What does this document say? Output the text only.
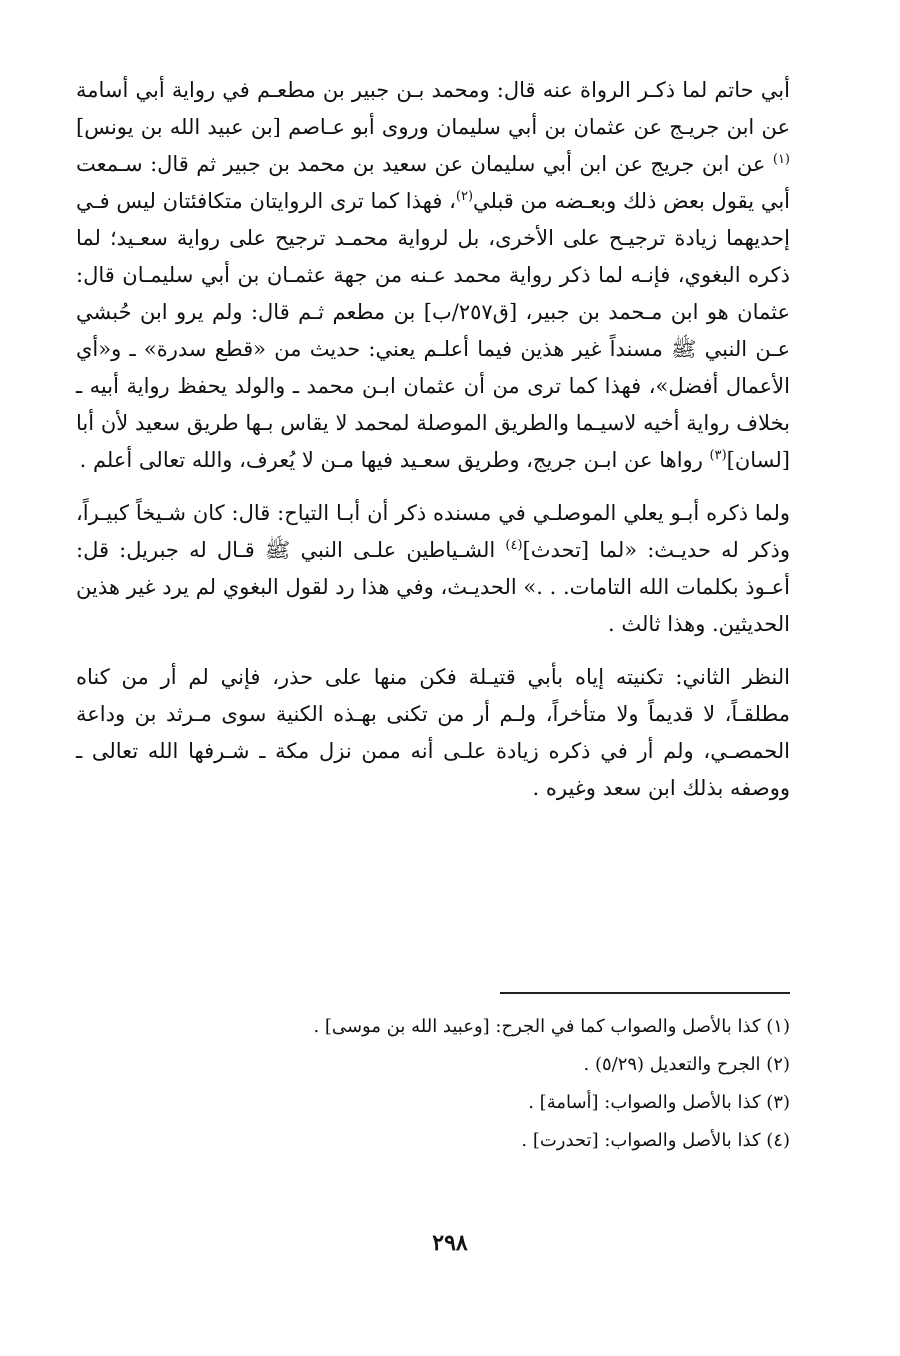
أبي حاتم لما ذكـر الرواة عنه قال: ومحمد بـن جبير بن مطعـم في رواية أبي أسامة عن ابن جريـج عن عثمان بن أبي سليمان وروى أبو عـاصم [بن عبيد الله بن يونس]$^{(١)}$ عن ابن جريج عن ابن أبي سليمان عن سعيد بن محمد بن جبير ثم قال: سـمعت أبي يقول بعض ذلك وبعـضه من قبلي$^{(٢)}$، فهذا كما ترى الروايتان متكافئتان ليس فـي إحديهما زيادة ترجيـح على الأخرى، بل لرواية محمـد ترجيح على رواية سعـيد؛ لما ذكره البغوي، فإنـه لما ذكر رواية محمد عـنه من جهة عثمـان بن أبي سليمـان قال: عثمان هو ابن مـحمد بن جبير، [ق٢٥٧/ب] بن مطعم ثـم قال: ولم يرو ابن حُبشي عـن النبي ﷺ مسنداً غير هذين فيما أعلـم يعني: حديث من «قطع سدرة» ـ و«أي الأعمال أفضل»، فهذا كما ترى من أن عثمان ابـن محمد ـ والولد يحفظ رواية أبيه ـ بخلاف رواية أخيه لاسيـما والطريق الموصلة لمحمد لا يقاس بـها طريق سعيد لأن أبا [لسان]$^{(٣)}$ رواها عن ابـن جريج، وطريق سعـيد فيها مـن لا يُعرف، والله تعالى أعلم .

ولما ذكره أبـو يعلي الموصلـي في مسنده ذكر أن أبـا التياح: قال: كان شـيخاً كبيـراً، وذكر له حديـث: «لما [تحدث]$^{(٤)}$ الشـياطين علـى النبي ﷺ قـال له جبريل: قل: أعـوذ بكلمات الله التامات. . .» الحديـث، وفي هذا رد لقول البغوي لم يرد غير هذين الحديثين. وهذا ثالث .

النظر الثاني: تكنيته إياه بأبي قتيـلة فكن منها على حذر، فإني لم أر من كناه مطلقـاً، لا قديماً ولا متأخراً، ولـم أر من تكنى بهـذه الكنية سوى مـرثد بن وداعة الحمصـي، ولم أر في ذكره زيادة علـى أنه ممن نزل مكة ـ شـرفها الله تعالى ـ ووصفه بذلك ابن سعد وغيره .

(١) كذا بالأصل والصواب كما في الجرح: [وعبيد الله بن موسى] .
(٢) الجرح والتعديل (٥/٢٩) .
(٣) كذا بالأصل والصواب: [أسامة] .
(٤) كذا بالأصل والصواب: [تحدرت] .
٢٩٨
